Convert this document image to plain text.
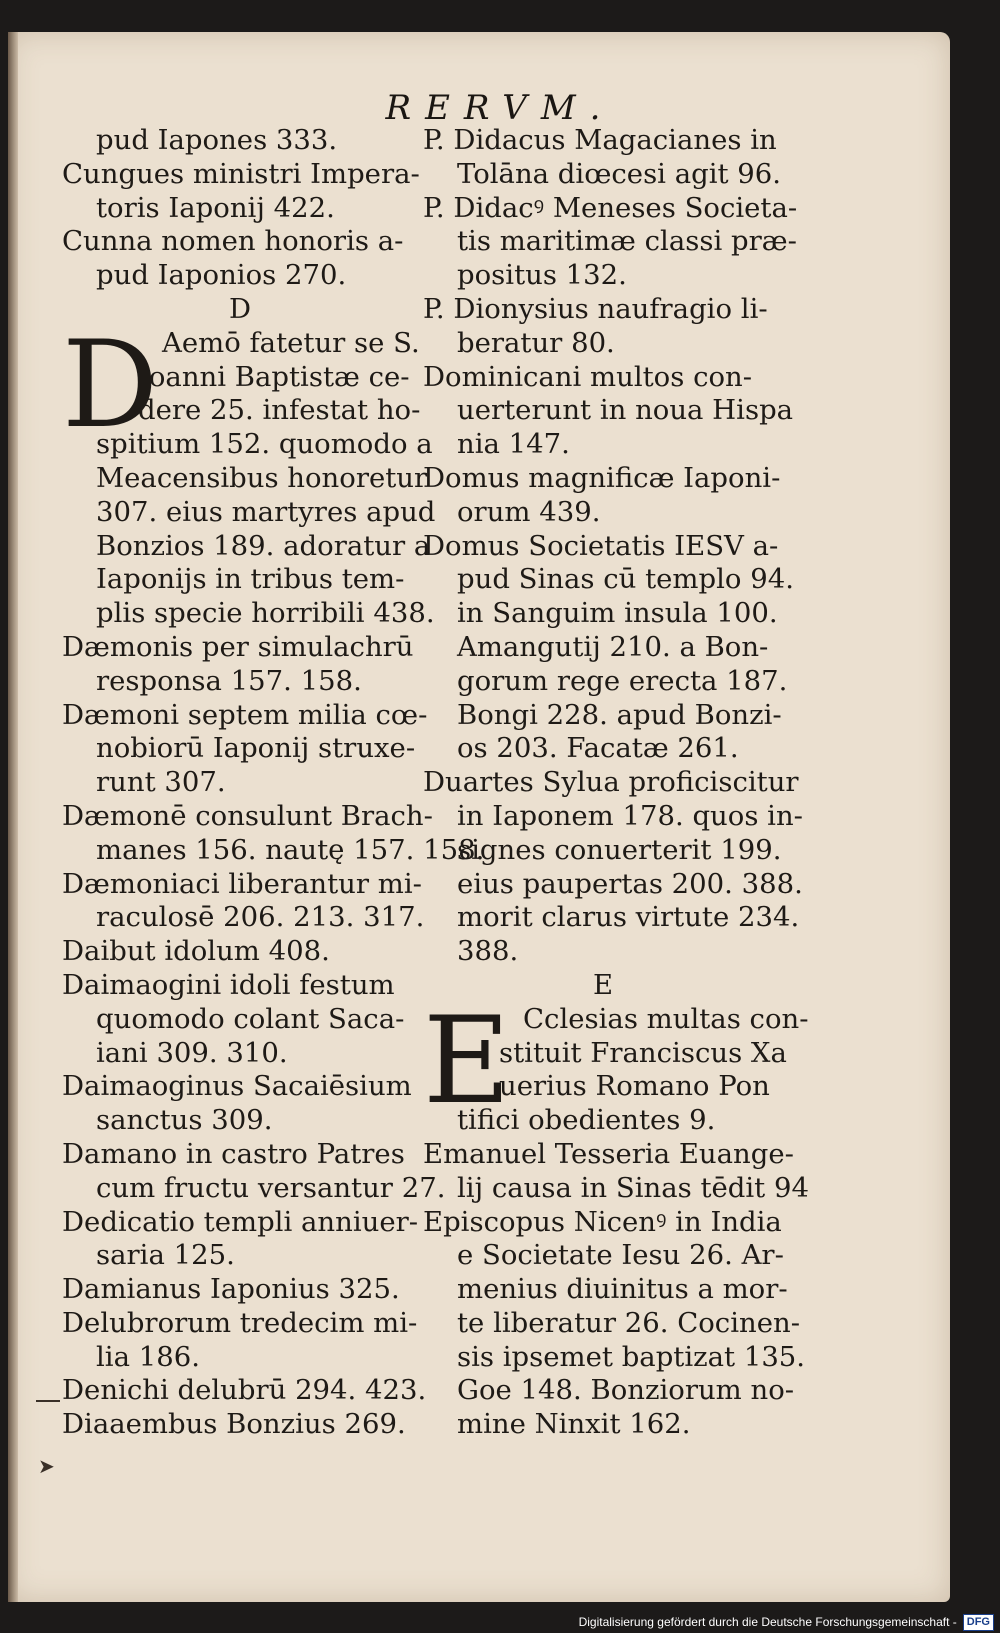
RERVM.
pud Iapones 333.
Cungues ministri Impera-
toris Iaponij 422.
Cunna nomen honoris a-
pud Iaponios 270.
D
D Aemō fatetur se S.
Ioanni Baptistæ ce-
dere 25. infestat ho-
spitium 152. quomodo a
Meacensibus honoretur
307. eius martyres apud
Bonzios 189. adoratur a
Iaponijs in tribus tem-
plis specie horribili 438.
Dæmonis per simulachrū
responsa 157. 158.
Dæmoni septem milia cœ-
nobiorū Iaponij struxe-
runt 307.
Dæmonē consulunt Brach-
manes 156. nautę 157. 158.
Dæmoniaci liberantur mi-
raculosē 206. 213. 317.
Daibut idolum 408.
Daimaogini idoli festum
quomodo colant Saca-
iani 309. 310.
Daimaoginus Sacaiēsium
sanctus 309.
Damano in castro Patres
cum fructu versantur 27.
Dedicatio templi anniuer-
saria 125.
Damianus Iaponius 325.
Delubrorum tredecim mi-
lia 186.
Denichi delubrū 294. 423.
Diaaembus Bonzius 269.
P. Didacus Magacianes in
Tolāna diœcesi agit 96.
P. Didacꝰ Meneses Societa-
tis maritimæ classi præ-
positus 132.
P. Dionysius naufragio li-
beratur 80.
Dominicani multos con-
uerterunt in noua Hispa
nia 147.
Domus magnificæ Iaponi-
orum 439.
Domus Societatis IESV a-
pud Sinas cū templo 94.
in Sanguim insula 100.
Amangutij 210. a Bon-
gorum rege erecta 187.
Bongi 228. apud Bonzi-
os 203. Facatæ 261.
Duartes Sylua proficiscitur
in Iaponem 178. quos in-
signes conuerterit 199.
eius paupertas 200. 388.
morit clarus virtute 234.
388.
E
E Cclesias multas con-
stituit Franciscus Xa
uerius Romano Pon
tifici obedientes 9.
Emanuel Tesseria Euange-
lij causa in Sinas tēdit 94
Episcopus Nicenꝰ in India
e Societate Iesu 26. Ar-
menius diuinitus a mor-
te liberatur 26. Cocinen-
sis ipsemet baptizat 135.
Goe 148. Bonziorum no-
mine Ninxit 162.
➤
Digitalisierung gefördert durch die Deutsche Forschungsgemeinschaft - DFG
